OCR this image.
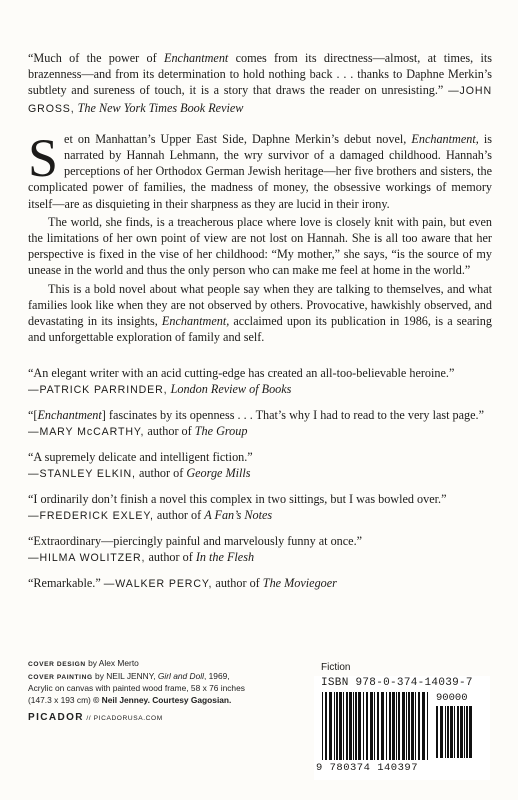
“Much of the power of Enchantment comes from its directness—almost, at times, its brazenness—and from its determination to hold nothing back . . . thanks to Daphne Merkin’s subtlety and sureness of touch, it is a story that draws the reader on unresisting.” —JOHN GROSS, The New York Times Book Review

Set on Manhattan’s Upper East Side, Daphne Merkin’s debut novel, Enchantment, is narrated by Hannah Lehmann, the wry survivor of a damaged childhood. Hannah’s perceptions of her Orthodox German Jewish heritage—her five brothers and sisters, the complicated power of families, the madness of money, the obsessive workings of memory itself—are as disquieting in their sharpness as they are lucid in their irony.

The world, she finds, is a treacherous place where love is closely knit with pain, but even the limitations of her own point of view are not lost on Hannah. She is all too aware that her perspective is fixed in the vise of her childhood: “My mother,” she says, “is the source of my unease in the world and thus the only person who can make me feel at home in the world.”

This is a bold novel about what people say when they are talking to themselves, and what families look like when they are not observed by others. Provocative, hawkishly observed, and devastating in its insights, Enchantment, acclaimed upon its publication in 1986, is a searing and unforgettable exploration of family and self.

“An elegant writer with an acid cutting-edge has created an all-too-believable heroine.”
—PATRICK PARRINDER, London Review of Books
“[Enchantment] fascinates by its openness . . . That’s why I had to read to the very last page.” —MARY McCARTHY, author of The Group
“A supremely delicate and intelligent fiction.”
—STANLEY ELKIN, author of George Mills
“I ordinarily don’t finish a novel this complex in two sittings, but I was bowled over.”
—FREDERICK EXLEY, author of A Fan’s Notes
“Extraordinary—piercingly painful and marvelously funny at once.”
—HILMA WOLITZER, author of In the Flesh
“Remarkable.” —WALKER PERCY, author of The Moviegoer
COVER DESIGN by Alex Merto
COVER PAINTING by NEIL JENNY, Girl and Doll, 1969,
Acrylic on canvas with painted wood frame, 58 x 76 inches
(147.3 x 193 cm) © Neil Jenney. Courtesy Gagosian.
PICADOR // PICADORUSA.COM
Fiction
ISBN 978-0-374-14039-7
90000
9 780374 140397
